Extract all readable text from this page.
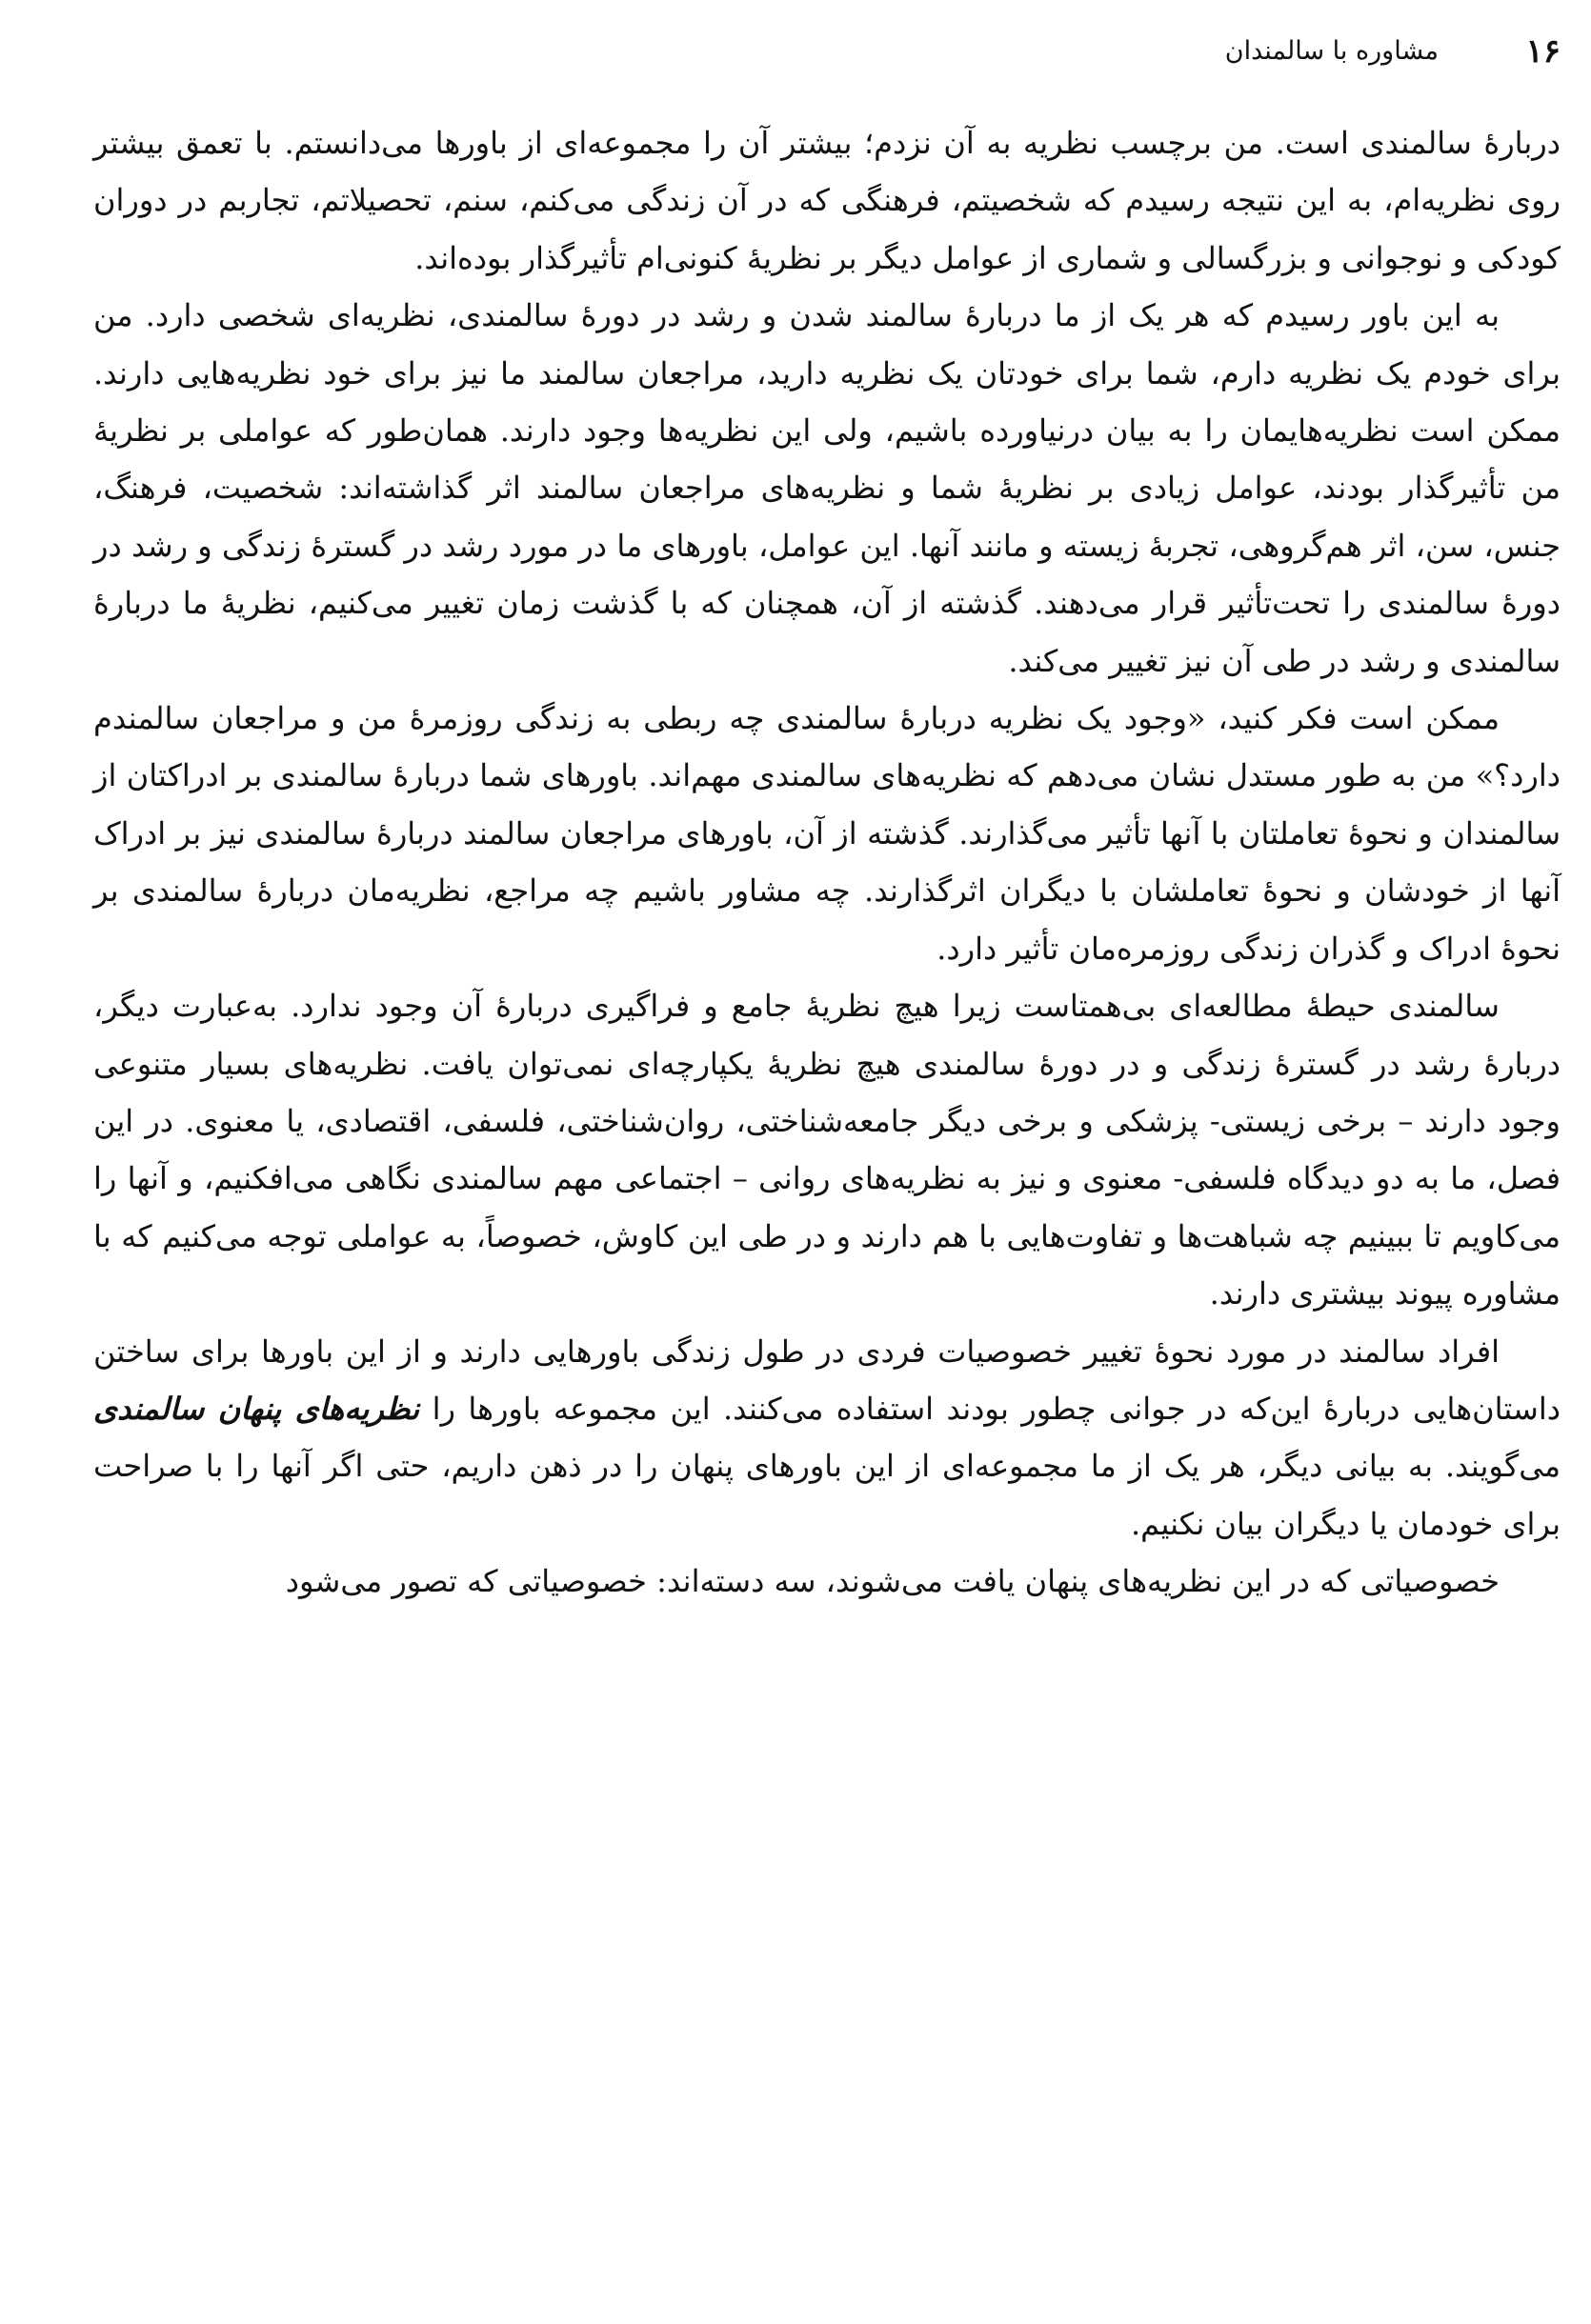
۱۶
مشاوره با سالمندان

دربارهٔ سالمندی است. من برچسب نظریه به آن نزدم؛ بیشتر آن را مجموعه‌ای از باورها می‌دانستم. با تعمق بیشتر روی نظریه‌ام، به این نتیجه رسیدم که شخصیتم، فرهنگی که در آن زندگی می‌کنم، سنم، تحصیلاتم، تجاربم در دوران کودکی و نوجوانی و بزرگسالی و شماری از عوامل دیگر بر نظریهٔ کنونی‌ام تأثیرگذار بوده‌اند.

به این باور رسیدم که هر یک از ما دربارهٔ سالمند شدن و رشد در دورهٔ سالمندی، نظریه‌ای شخصی دارد. من برای خودم یک نظریه دارم، شما برای خودتان یک نظریه دارید، مراجعان سالمند ما نیز برای خود نظریه‌هایی دارند. ممکن است نظریه‌هایمان را به بیان درنیاورده باشیم، ولی این نظریه‌ها وجود دارند. همان‌طور که عواملی بر نظریهٔ من تأثیرگذار بودند، عوامل زیادی بر نظریهٔ شما و نظریه‌های مراجعان سالمند اثر گذاشته‌اند: شخصیت، فرهنگ، جنس، سن، اثر هم‌گروهی، تجربهٔ زیسته و مانند آنها. این عوامل، باورهای ما در مورد رشد در گسترهٔ زندگی و رشد در دورهٔ سالمندی را تحت‌تأثیر قرار می‌دهند. گذشته از آن، همچنان که با گذشت زمان تغییر می‌کنیم، نظریهٔ ما دربارهٔ سالمندی و رشد در طی آن نیز تغییر می‌کند.

ممکن است فکر کنید، «وجود یک نظریه دربارهٔ سالمندی چه ربطی به زندگی روزمرهٔ من و مراجعان سالمندم دارد؟» من به طور مستدل نشان می‌دهم که نظریه‌های سالمندی مهم‌اند. باورهای شما دربارهٔ سالمندی بر ادراکتان از سالمندان و نحوهٔ تعاملتان با آنها تأثیر می‌گذارند. گذشته از آن، باورهای مراجعان سالمند دربارهٔ سالمندی نیز بر ادراک آنها از خودشان و نحوهٔ تعاملشان با دیگران اثرگذارند. چه مشاور باشیم چه مراجع، نظریه‌مان دربارهٔ سالمندی بر نحوهٔ ادراک و گذران زندگی روزمره‌مان تأثیر دارد.

سالمندی حیطهٔ مطالعه‌ای بی‌همتاست زیرا هیچ نظریهٔ جامع و فراگیری دربارهٔ آن وجود ندارد. به‌عبارت دیگر، دربارهٔ رشد در گسترهٔ زندگی و در دورهٔ سالمندی هیچ نظریهٔ یکپارچه‌ای نمی‌توان یافت. نظریه‌های بسیار متنوعی وجود دارند – برخی زیستی- پزشکی و برخی دیگر جامعه‌شناختی، روان‌شناختی، فلسفی، اقتصادی، یا معنوی. در این فصل، ما به دو دیدگاه فلسفی- معنوی و نیز به نظریه‌های روانی – اجتماعی مهم سالمندی نگاهی می‌افکنیم، و آنها را می‌کاویم تا ببینیم چه شباهت‌ها و تفاوت‌هایی با هم دارند و در طی این کاوش، خصوصاً، به عواملی توجه می‌کنیم که با مشاوره پیوند بیشتری دارند.

افراد سالمند در مورد نحوهٔ تغییر خصوصیات فردی در طول زندگی باورهایی دارند و از این باورها برای ساختن داستان‌هایی دربارهٔ این‌که در جوانی چطور بودند استفاده می‌کنند. این مجموعه باورها را نظریه‌های پنهان سالمندی می‌گویند. به بیانی دیگر، هر یک از ما مجموعه‌ای از این باورهای پنهان را در ذهن داریم، حتی اگر آنها را با صراحت برای خودمان یا دیگران بیان نکنیم.

خصوصیاتی که در این نظریه‌های پنهان یافت می‌شوند، سه دسته‌اند: خصوصیاتی که تصور می‌شود
